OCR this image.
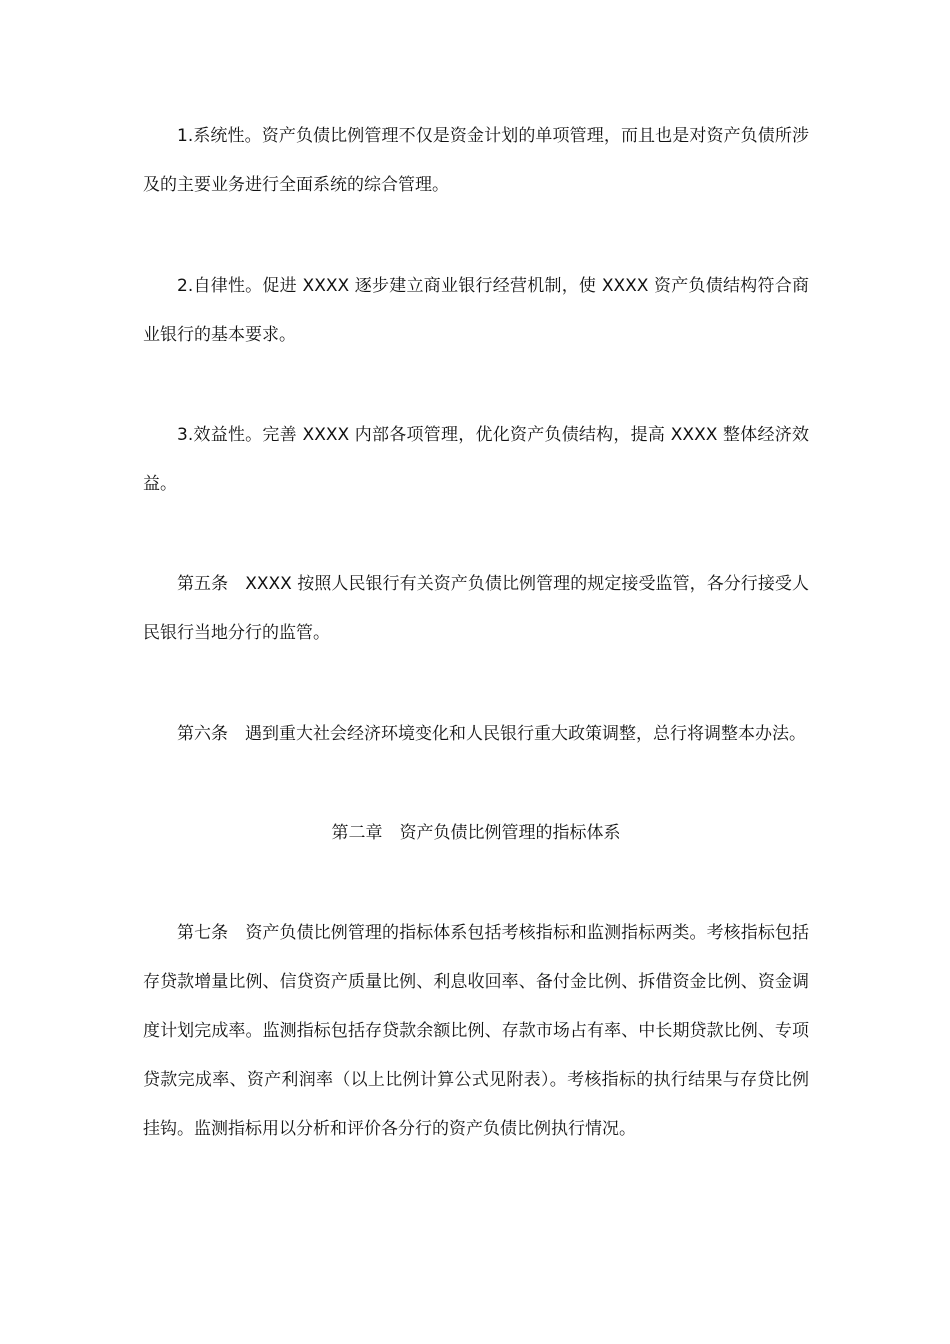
1.系统性。资产负债比例管理不仅是资金计划的单项管理，而且也是对资产负债所涉及的主要业务进行全面系统的综合管理。

2.自律性。促进 XXXX 逐步建立商业银行经营机制，使 XXXX 资产负债结构符合商业银行的基本要求。

3.效益性。完善 XXXX 内部各项管理，优化资产负债结构，提高 XXXX 整体经济效益。

第五条　XXXX 按照人民银行有关资产负债比例管理的规定接受监管，各分行接受人民银行当地分行的监管。

第六条　遇到重大社会经济环境变化和人民银行重大政策调整，总行将调整本办法。

第二章　资产负债比例管理的指标体系

第七条　资产负债比例管理的指标体系包括考核指标和监测指标两类。考核指标包括存贷款增量比例、信贷资产质量比例、利息收回率、备付金比例、拆借资金比例、资金调度计划完成率。监测指标包括存贷款余额比例、存款市场占有率、中长期贷款比例、专项贷款完成率、资产利润率（以上比例计算公式见附表）。考核指标的执行结果与存贷比例挂钩。监测指标用以分析和评价各分行的资产负债比例执行情况。
